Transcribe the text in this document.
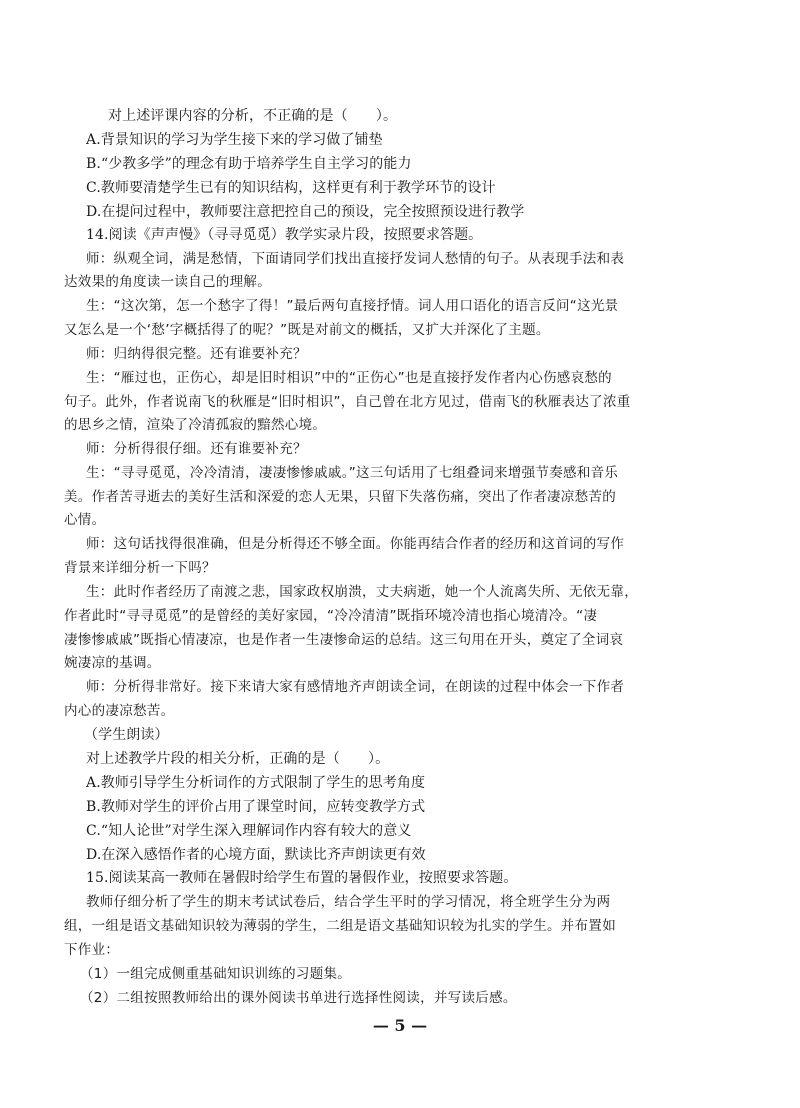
对上述评课内容的分析，不正确的是（　　）。
A.背景知识的学习为学生接下来的学习做了铺垫
B.“少教多学”的理念有助于培养学生自主学习的能力
C.教师要清楚学生已有的知识结构，这样更有利于教学环节的设计
D.在提问过程中，教师要注意把控自己的预设，完全按照预设进行教学
14.阅读《声声慢》（寻寻觅觅）教学实录片段，按照要求答题。
师：纵观全词，满是愁情，下面请同学们找出直接抒发词人愁情的句子。从表现手法和表
达效果的角度读一读自己的理解。
生：“这次第，怎一个愁字了得！”最后两句直接抒情。词人用口语化的语言反问“这光景
又怎么是一个‘愁’字概括得了的呢？”既是对前文的概括，又扩大并深化了主题。
师：归纳得很完整。还有谁要补充？
生：“雁过也，正伤心，却是旧时相识”中的“正伤心”也是直接抒发作者内心伤感哀愁的
句子。此外，作者说南飞的秋雁是“旧时相识”，自己曾在北方见过，借南飞的秋雁表达了浓重
的思乡之情，渲染了冷清孤寂的黯然心境。
师：分析得很仔细。还有谁要补充？
生：“寻寻觅觅，冷冷清清，凄凄惨惨戚戚。”这三句话用了七组叠词来增强节奏感和音乐
美。作者苦寻逝去的美好生活和深爱的恋人无果，只留下失落伤痛，突出了作者凄凉愁苦的
心情。
师：这句话找得很准确，但是分析得还不够全面。你能再结合作者的经历和这首词的写作
背景来详细分析一下吗？
生：此时作者经历了南渡之悲，国家政权崩溃，丈夫病逝，她一个人流离失所、无依无靠，
作者此时“寻寻觅觅”的是曾经的美好家园，“冷冷清清”既指环境冷清也指心境清冷。“凄
凄惨惨戚戚”既指心情凄凉，也是作者一生凄惨命运的总结。这三句用在开头，奠定了全词哀
婉凄凉的基调。
师：分析得非常好。接下来请大家有感情地齐声朗读全词，在朗读的过程中体会一下作者
内心的凄凉愁苦。
（学生朗读）
对上述教学片段的相关分析，正确的是（　　）。
A.教师引导学生分析词作的方式限制了学生的思考角度
B.教师对学生的评价占用了课堂时间，应转变教学方式
C.“知人论世”对学生深入理解词作内容有较大的意义
D.在深入感悟作者的心境方面，默读比齐声朗读更有效
15.阅读某高一教师在暑假时给学生布置的暑假作业，按照要求答题。
教师仔细分析了学生的期末考试试卷后，结合学生平时的学习情况，将全班学生分为两
组，一组是语文基础知识较为薄弱的学生，二组是语文基础知识较为扎实的学生。并布置如
下作业：
（1）一组完成侧重基础知识训练的习题集。
（2）二组按照教师给出的课外阅读书单进行选择性阅读，并写读后感。
— 5 —
